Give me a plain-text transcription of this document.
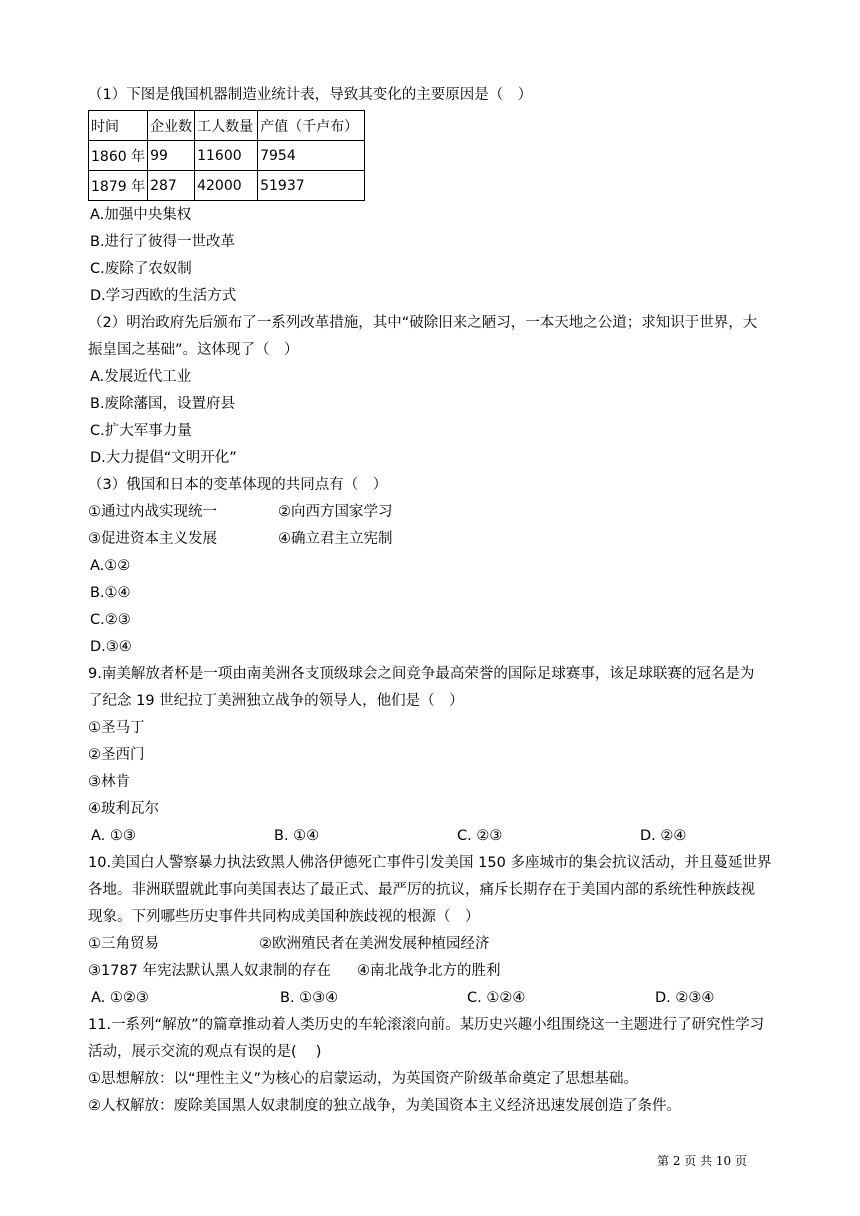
（1）下图是俄国机器制造业统计表，导致其变化的主要原因是（　）
时间	企业数	工人数量	产值（千卢布）
1860 年	99	11600	7954
1879 年	287	42000	51937
A.加强中央集权
B.进行了彼得一世改革
C.废除了农奴制
D.学习西欧的生活方式
（2）明治政府先后颁布了一系列改革措施，其中“破除旧来之陋习，一本天地之公道；求知识于世界，大
振皇国之基础”。这体现了（　）
A.发展近代工业
B.废除藩国，设置府县
C.扩大军事力量
D.大力提倡“文明开化”
（3）俄国和日本的变革体现的共同点有（　）
①通过内战实现统一	②向西方国家学习
③促进资本主义发展	④确立君主立宪制
A.①②
B.①④
C.②③
D.③④
9.南美解放者杯是一项由南美洲各支顶级球会之间竞争最高荣誉的国际足球赛事，该足球联赛的冠名是为
了纪念 19 世纪拉丁美洲独立战争的领导人，他们是（　）
①圣马丁
②圣西门
③林肯
④玻利瓦尔
A. ①③	B. ①④	C. ②③	D. ②④
10.美国白人警察暴力执法致黑人佛洛伊德死亡事件引发美国 150 多座城市的集会抗议活动，并且蔓延世界
各地。非洲联盟就此事向美国表达了最正式、最严厉的抗议，痛斥长期存在于美国内部的系统性种族歧视
现象。下列哪些历史事件共同构成美国种族歧视的根源（　）
①三角贸易	②欧洲殖民者在美洲发展种植园经济
③1787 年宪法默认黑人奴隶制的存在 ④南北战争北方的胜利
A. ①②③	B. ①③④	C. ①②④	D. ②③④
11.一系列“解放”的篇章推动着人类历史的车轮滚滚向前。某历史兴趣小组围绕这一主题进行了研究性学习
活动，展示交流的观点有误的是(　 )
①思想解放：以“理性主义”为核心的启蒙运动，为英国资产阶级革命奠定了思想基础。
②人权解放：废除美国黑人奴隶制度的独立战争，为美国资本主义经济迅速发展创造了条件。
第 2 页 共 10 页
